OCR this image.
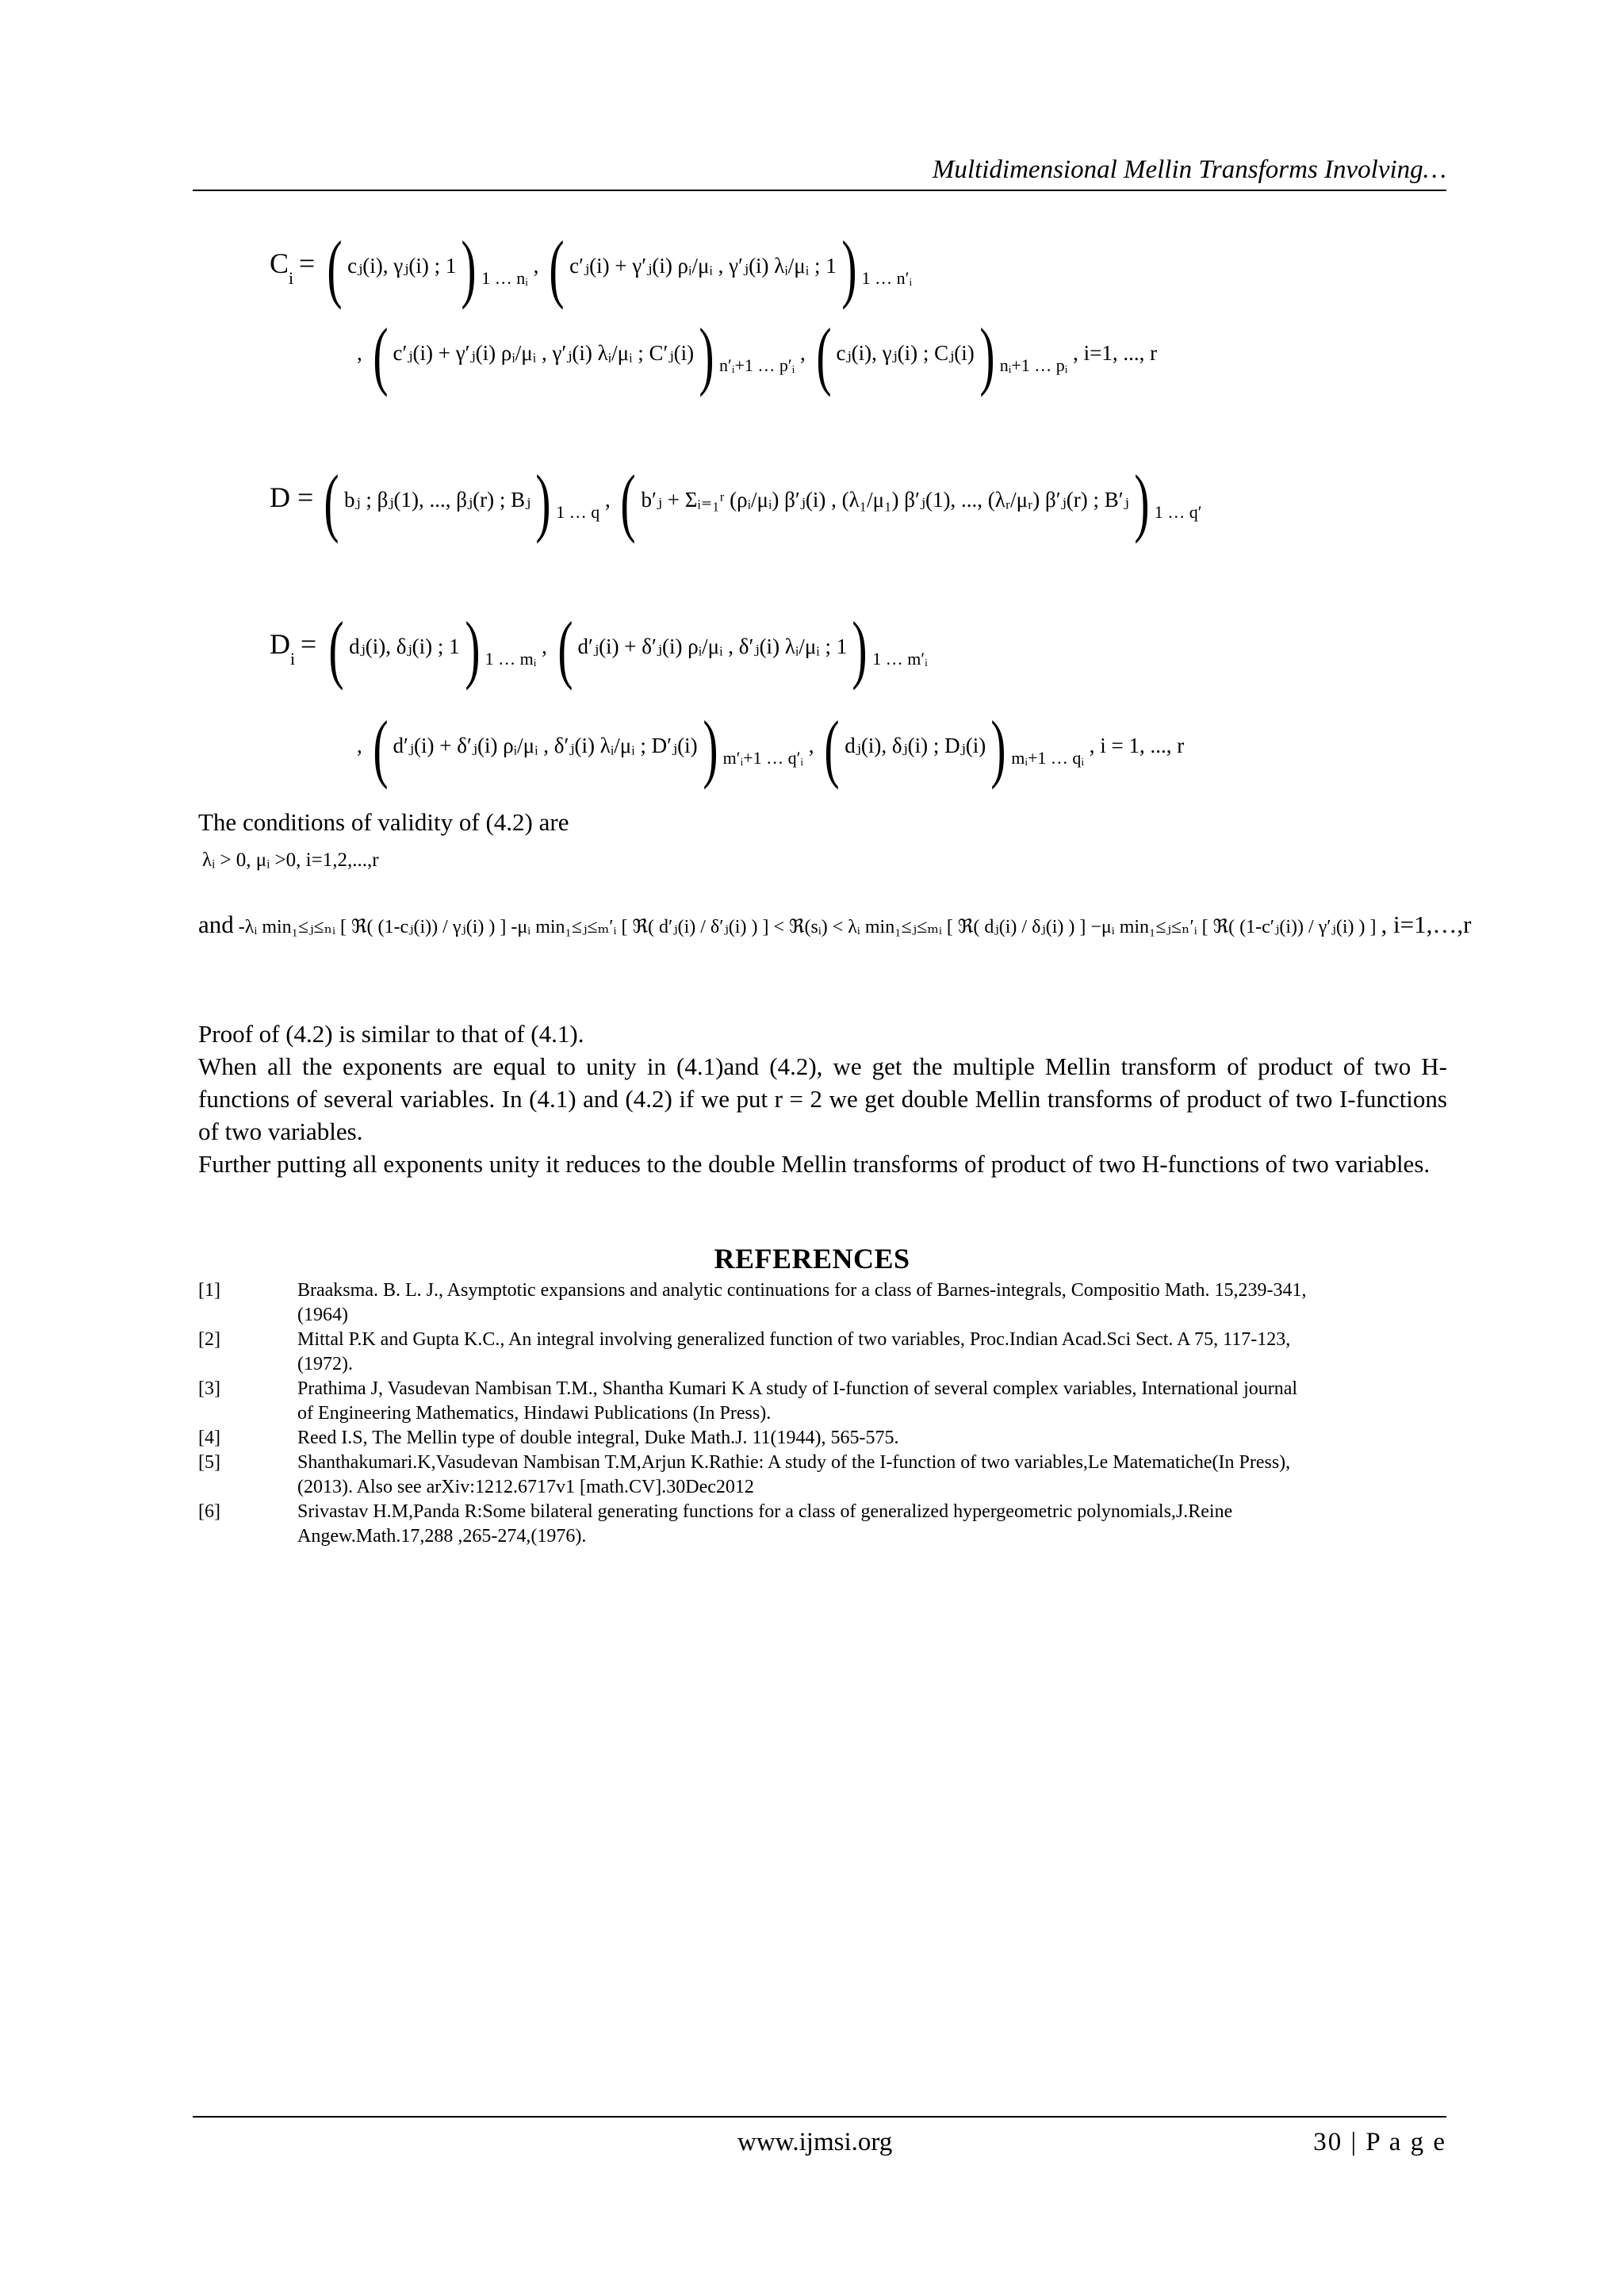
Multidimensional Mellin Transforms Involving…
$C_i$ = ( cⱼ(i), γⱼ(i) ; 1) $_{1 \dots nᵢ}$ , ( c′ⱼ(i) + γ′ⱼ(i) ρᵢ/μᵢ , γ′ⱼ(i) λᵢ/μᵢ ; 1) $_{1 \dots n'ᵢ}$
, ( c′ⱼ(i) + γ′ⱼ(i) ρᵢ/μᵢ , γ′ⱼ(i) λᵢ/μᵢ ; C′ⱼ(i)) $_{n'ᵢ+1 \dots p'ᵢ}$ , ( cⱼ(i), γⱼ(i) ; Cⱼ(i)) $_{nᵢ+1 \dots pᵢ}$ , i=1, ..., r
D = ( bⱼ ; βⱼ(1), ..., βⱼ(r) ; Bⱼ) $_{1 \dots q}$ , ( b′ⱼ + Σᵢ₌₁ʳ (ρᵢ/μᵢ) β′ⱼ(i) , (λ₁/μ₁) β′ⱼ(1), ..., (λᵣ/μᵣ) β′ⱼ(r) ; B′ⱼ) $_{1 \dots q'}$
$D_i$ = ( dⱼ(i), δⱼ(i) ; 1) $_{1 \dots mᵢ}$ , ( d′ⱼ(i) + δ′ⱼ(i) ρᵢ/μᵢ , δ′ⱼ(i) λᵢ/μᵢ ; 1) $_{1 \dots m'ᵢ}$
, ( d′ⱼ(i) + δ′ⱼ(i) ρᵢ/μᵢ , δ′ⱼ(i) λᵢ/μᵢ ; D′ⱼ(i)) $_{m'ᵢ+1 \dots q'ᵢ}$ , ( dⱼ(i), δⱼ(i) ; Dⱼ(i)) $_{mᵢ+1 \dots qᵢ}$ , i = 1, ..., r
The conditions of validity of (4.2) are
λᵢ > 0, μᵢ >0, i=1,2,...,r
and -λᵢ min₁≤ⱼ≤ₙᵢ [ ℜ( (1-cⱼ(i)) / γⱼ(i) ) ] -μᵢ min₁≤ⱼ≤ₘ′ᵢ [ ℜ( d′ⱼ(i) / δ′ⱼ(i) ) ] < ℜ(sᵢ) < λᵢ min₁≤ⱼ≤ₘᵢ [ ℜ( dⱼ(i) / δⱼ(i) ) ] −μᵢ min₁≤ⱼ≤ₙ′ᵢ [ ℜ( (1-c′ⱼ(i)) / γ′ⱼ(i) ) ] , i=1,…,r
Proof of (4.2) is similar to that of (4.1).
When all the exponents are equal to unity in (4.1)and (4.2), we get the multiple Mellin transform of product of two H-functions of several variables. In (4.1) and (4.2) if we put r = 2 we get double Mellin transforms of product of two I-functions of two variables.
Further putting all exponents unity it reduces to the double Mellin transforms of product of two H-functions of two variables.
REFERENCES
[1]	Braaksma. B. L. J., Asymptotic expansions and analytic continuations for a class of Barnes-integrals, Compositio Math. 15,239-341, (1964)
[2]	Mittal P.K and Gupta K.C., An integral involving generalized function of two variables, Proc.Indian Acad.Sci Sect. A 75, 117-123, (1972).
[3]	Prathima J, Vasudevan Nambisan T.M., Shantha Kumari K A study of I-function of several complex variables, International journal of Engineering Mathematics, Hindawi Publications (In Press).
[4]	Reed I.S, The Mellin type of double integral, Duke Math.J. 11(1944), 565-575.
[5]	Shanthakumari.K,Vasudevan Nambisan T.M,Arjun K.Rathie: A study of the I-function of two variables,Le Matematiche(In Press),(2013). Also see arXiv:1212.6717v1 [math.CV].30Dec2012
[6]	Srivastav H.M,Panda R:Some bilateral generating functions for a class of generalized hypergeometric polynomials,J.Reine Angew.Math.17,288 ,265-274,(1976).
www.ijmsi.org	30 | P a g e
